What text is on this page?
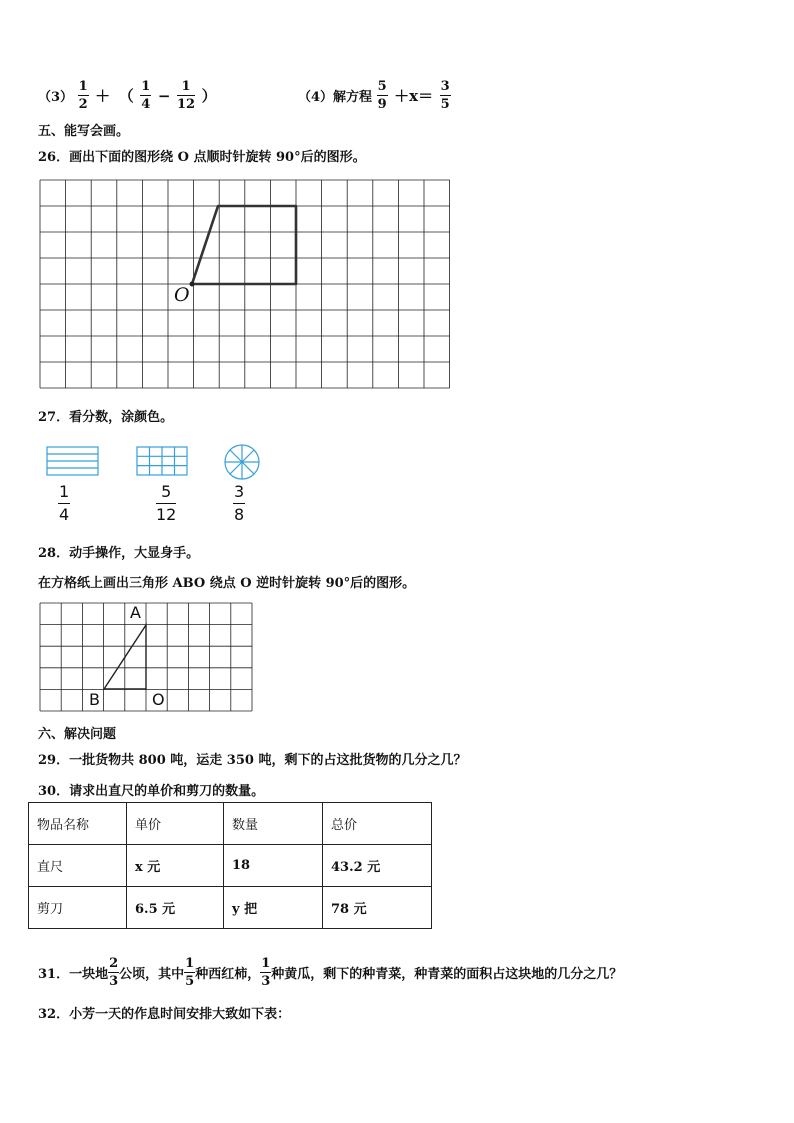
$(3) \frac{1}{2}$ ＋ （ $\frac{1}{4} - \frac{1}{12}$ ）	（4）解方程 $\frac{5}{9} +x= \frac{3}{5}$
五、能写会画。
26．画出下面的图形绕 O 点顺时针旋转 90°后的图形。
O
27．看分数，涂颜色。
$\frac{1}{4}$	$\frac{5}{12}$	$\frac{3}{8}$
28．动手操作，大显身手。
在方格纸上画出三角形 ABO 绕点 O 逆时针旋转 90°后的图形。
A
B	O
六、解决问题
29．一批货物共 800 吨，运走 350 吨，剩下的占这批货物的几分之几？
30．请求出直尺的单价和剪刀的数量。
物品名称	单价	数量	总价
直尺	x 元	18	43.2 元
剪刀	6.5 元	y 把	78 元
31．一块地 $\frac{2}{3}$ 公顷，其中 $\frac{1}{5}$ 种西红柿， $\frac{1}{3}$ 种黄瓜，剩下的种青菜，种青菜的面积占这块地的几分之几？
32．小芳一天的作息时间安排大致如下表：
